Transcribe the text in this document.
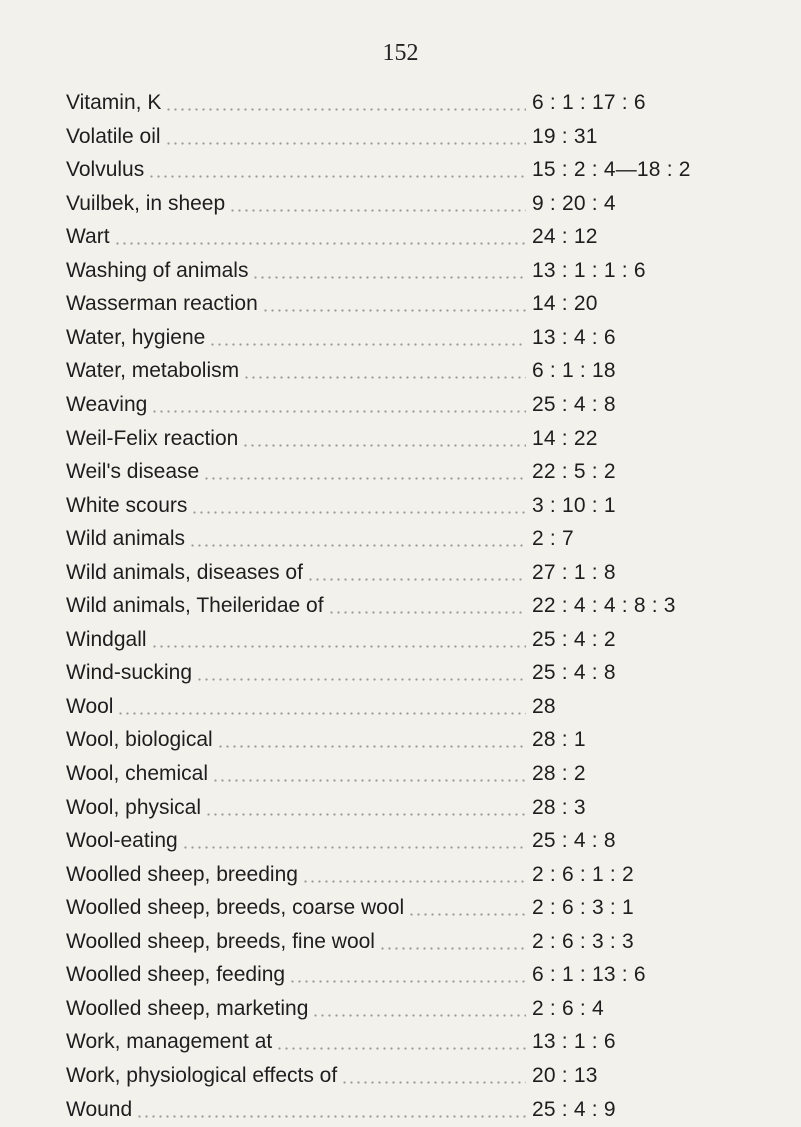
152
Vitamin, K	6 : 1 : 17 : 6
Volatile oil	19 : 31
Volvulus	15 : 2 : 4—18 : 2
Vuilbek, in sheep	9 : 20 : 4
Wart	24 : 12
Washing of animals	13 : 1 : 1 : 6
Wasserman reaction	14 : 20
Water, hygiene	13 : 4 : 6
Water, metabolism	6 : 1 : 18
Weaving	25 : 4 : 8
Weil-Felix reaction	14 : 22
Weil's disease	22 : 5 : 2
White scours	3 : 10 : 1
Wild animals	2 : 7
Wild animals, diseases of	27 : 1 : 8
Wild animals, Theileridae of	22 : 4 : 4 : 8 : 3
Windgall	25 : 4 : 2
Wind-sucking	25 : 4 : 8
Wool	28
Wool, biological	28 : 1
Wool, chemical	28 : 2
Wool, physical	28 : 3
Wool-eating	25 : 4 : 8
Woolled sheep, breeding	2 : 6 : 1 : 2
Woolled sheep, breeds, coarse wool	2 : 6 : 3 : 1
Woolled sheep, breeds, fine wool	2 : 6 : 3 : 3
Woolled sheep, feeding	6 : 1 : 13 : 6
Woolled sheep, marketing	2 : 6 : 4
Work, management at	13 : 1 : 6
Work, physiological effects of	20 : 13
Wound	25 : 4 : 9
